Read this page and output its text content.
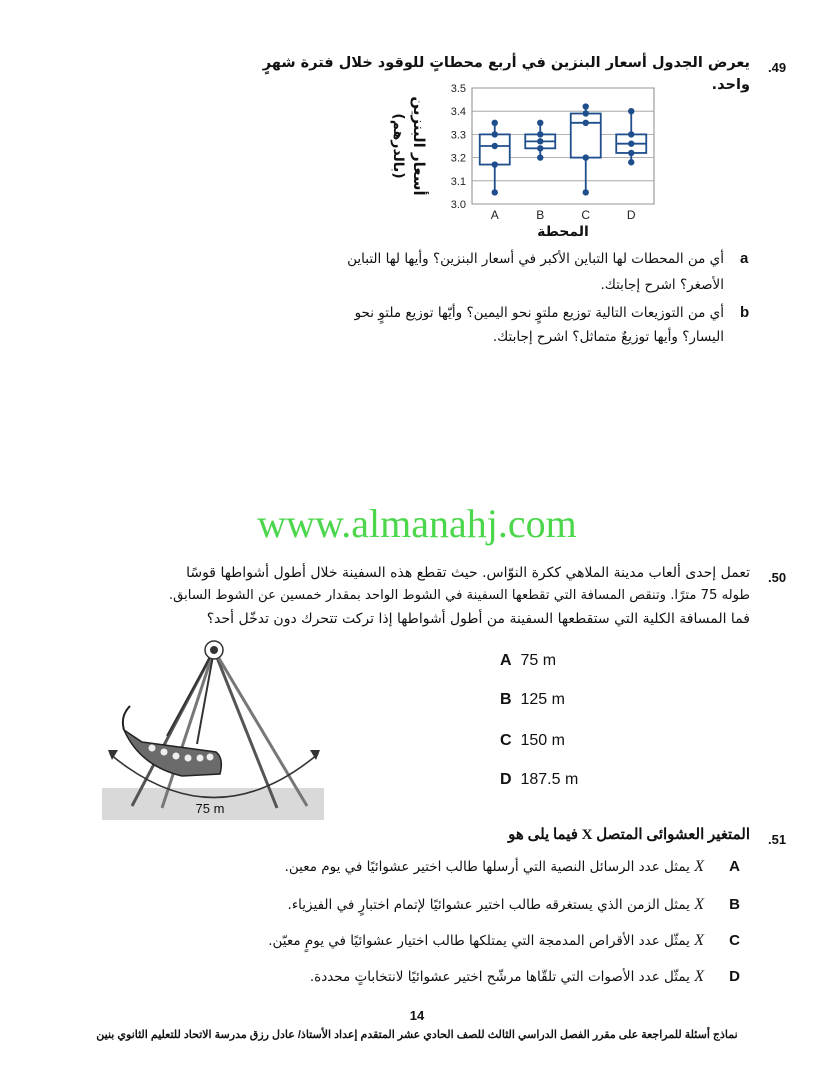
.49
يعرض الجدول أسعار البنزين في أربع محطاتٍ للوقود خلال فترة شهرٍ واحد.
أسعار البنزين
(بالدرهم)
3.5
3.4
3.3
3.2
3.1
3.0
A	B	C	D
المحطة
a
أي من المحطات لها التباين الأكبر في أسعار البنزين؟ وأيها لها التباين
الأصغر؟ اشرح إجابتك.
b
أي من التوزيعات التالية توزيع ملتوٍ نحو اليمين؟ وأيّها توزيع ملتوٍ نحو
اليسار؟ وأيها توزيعٌ متماثل؟ اشرح إجابتك.
www.almanahj.com
.50
تعمل إحدى ألعاب مدينة الملاهي ككرة النوّاس. حيث تقطع هذه السفينة خلال أطول أشواطها قوسًا
طوله 75 مترًا. وتنقص المسافة التي تقطعها السفينة في الشوط الواحد بمقدار خمسين عن الشوط السابق.
فما المسافة الكلية التي ستقطعها السفينة من أطول أشواطها إذا تركت تتحرك دون تدخّل أحد؟
75 m
A 75 m
B 125 m
C 150 m
D 187.5 m
.51
المتغير العشوائى المتصل X فيما يلى هو
A
X يمثل عدد الرسائل النصية التي أرسلها طالب اختير عشوائيًا في يوم معين.
B
X يمثل الزمن الذي يستغرقه طالب اختير عشوائيًا لإتمام اختبارٍ في الفيزياء.
C
X يمثّل عدد الأقراص المدمجة التي يمتلكها طالب اختيار عشوائيًا في يومٍ معيّن.
D
X يمثّل عدد الأصوات التي تلقّاها مرشّح اختير عشوائيًا لانتخاباتٍ محددة.
14
نماذج أسئلة للمراجعة على مقرر الفصل الدراسي الثالث للصف الحادي عشر المتقدم إعداد الأستاذ/ عادل رزق مدرسة الاتحاد للتعليم الثانوي بنين
